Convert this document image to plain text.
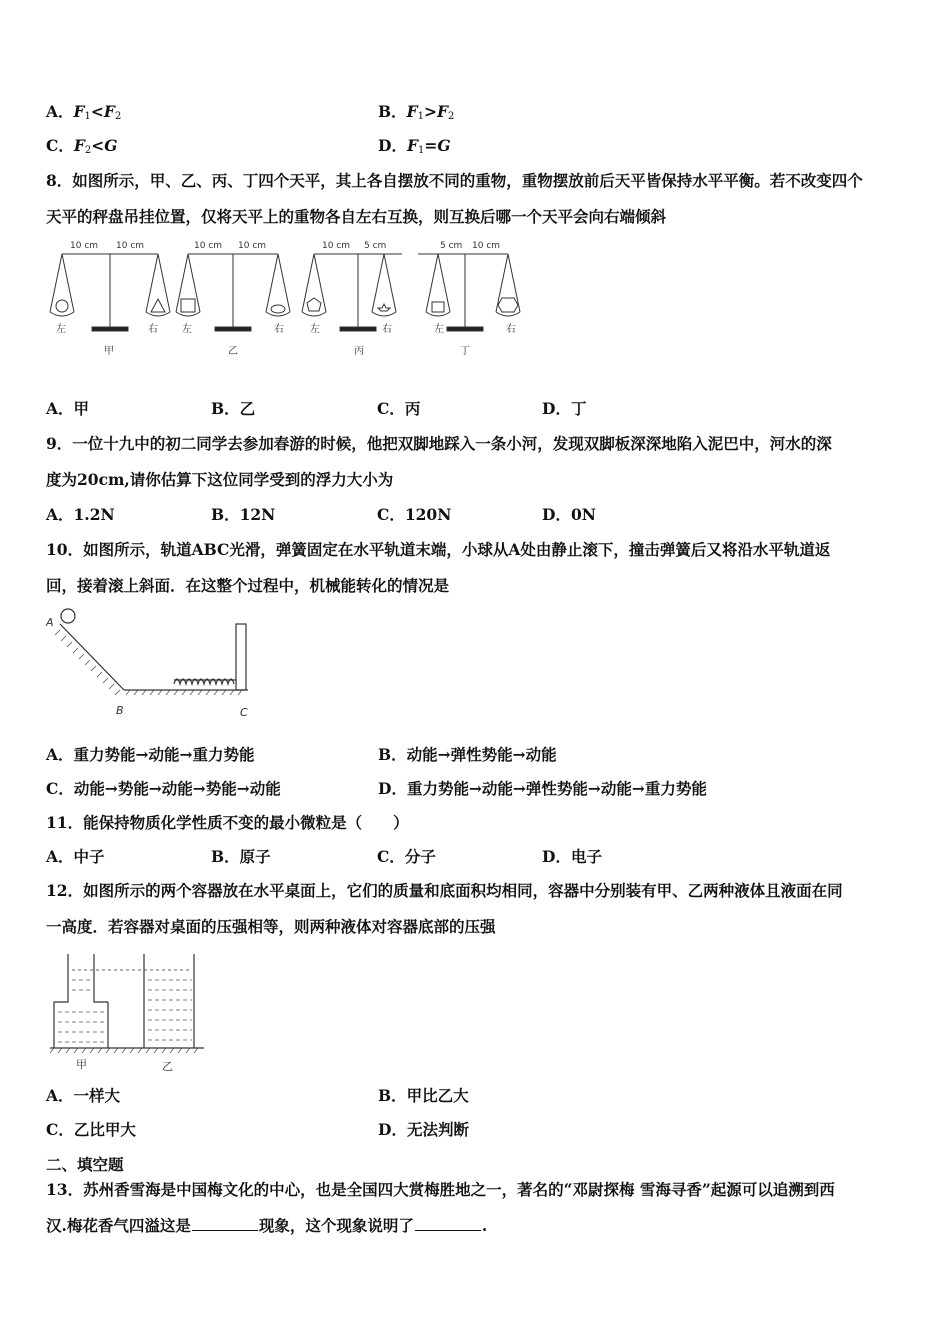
A．$F_1<F_2$	B．$F_1>F_2$
C．$F_2<G$	D．$F_1=G$
8．如图所示，甲、乙、丙、丁四个天平，其上各自摆放不同的重物，重物摆放前后天平皆保持水平平衡。若不改变四个
天平的秤盘吊挂位置，仅将天平上的重物各自左右互换，则互换后哪一个天平会向右端倾斜
10 cm 10 cm	10 cm 10 cm	10 cm 5 cm	5 cm 10 cm
左	右 左	右	左	右	左	右
甲	乙	丙	丁
A．甲	B．乙	C．丙	D．丁
9．一位十九中的初二同学去参加春游的时候，他把双脚地踩入一条小河，发现双脚板深深地陷入泥巴中，河水的深
度为20cm,请你估算下这位同学受到的浮力大小为
A．1.2N	B．12N	C．120N	D．0N
10．如图所示，轨道ABC光滑，弹簧固定在水平轨道末端，小球从A处由静止滚下，撞击弹簧后又将沿水平轨道返
回，接着滚上斜面．在这整个过程中，机械能转化的情况是
A
B	C
A．重力势能→动能→重力势能	B．动能→弹性势能→动能
C．动能→势能→动能→势能→动能	D．重力势能→动能→弹性势能→动能→重力势能
11．能保持物质化学性质不变的最小微粒是（　　）
A．中子	B．原子	C．分子	D．电子
12．如图所示的两个容器放在水平桌面上，它们的质量和底面积均相同，容器中分别装有甲、乙两种液体且液面在同
一高度．若容器对桌面的压强相等，则两种液体对容器底部的压强
甲	乙
A．一样大	B．甲比乙大
C．乙比甲大	D．无法判断
二、填空题
13．苏州香雪海是中国梅文化的中心，也是全国四大赏梅胜地之一，著名的“邓尉探梅 雪海寻香”起源可以追溯到西
汉.梅花香气四溢这是	现象，这个现象说明了	.
